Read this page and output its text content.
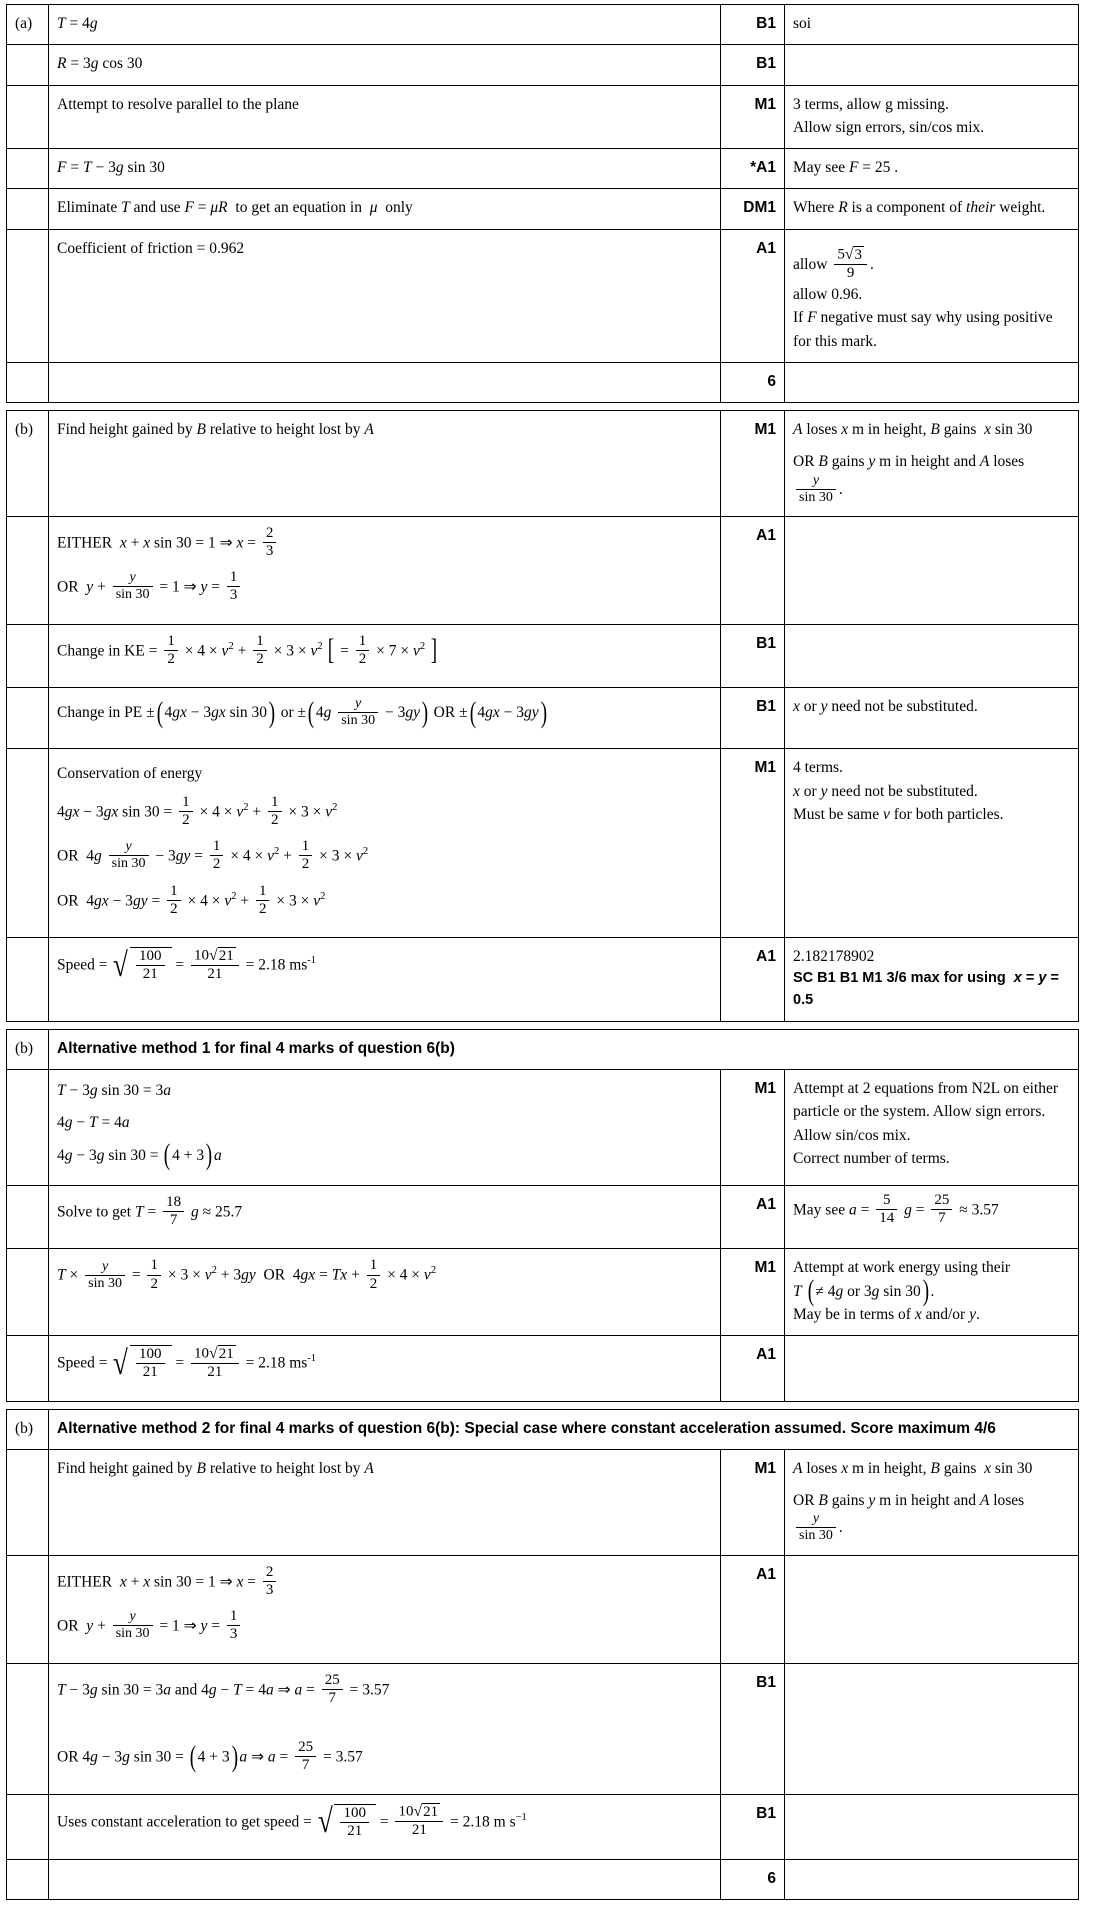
(a)	T = 4g	B1	soi
	R = 3g cos 30	B1	
	Attempt to resolve parallel to the plane	M1	3 terms, allow g missing.
Allow sign errors, sin/cos mix.

	F = T − 3g sin 30	*A1	May see F = 25 .
	Eliminate T and use F = μR  to get an equation in  μ  only	DM1	Where R is a component of their weight.
	Coefficient of friction = 0.962	A1	
allow $\frac{5√3}{9}$ .
allow 0.96.
If F negative must say why using positive for this mark.

		6	

(b)	Find height gained by B relative to height lost by A	M1	A loses x m in height, B gains  x sin 30
OR B gains y m in height and A loses
$\frac{y}{\sin 30}$ .

EITHER  x + x sin 30 = 1 ⇒ $x = \frac{2}{3}$
OR  $y + \frac{y}{\sin 30} = 1$ ⇒ $y = \frac{1}{3}$
	A1	

Change in KE = $\frac{1}{2} \times 4 \times v^2 + \frac{1}{2} \times 3 \times v^2$ [ = $\frac{1}{2} \times 7 \times v^2$ ]	B1	

	Change in PE ±( 4gx − 3gx sin 30) or ±( $4g \frac{y}{\sin 30} - 3gy$) OR ±( 4gx − 3gy)	B1	x or y need not be substituted.

Conservation of energy
4gx − 3gx $\sin 30 = \frac{1}{2} \times 4 \times v^2 + \frac{1}{2} \times 3 \times v^2$
OR  $4g \frac{y}{\sin 30} - 3gy = \frac{1}{2} \times 4 \times v^2 + \frac{1}{2} \times 3 \times v^2$
OR  $4gx - 3gy = \frac{1}{2} \times 4 \times v^2 + \frac{1}{2} \times 3 \times v^2$
	M1	4 terms.
x or y need not be substituted.
Must be same v for both particles.

Speed = √ $\frac{100}{21} = \frac{10√21}{21} = 2.18$ $ms^{-1}$	A1	2.182178902
SC B1 B1 M1 3/6 max for using  x = y = 0.5

(b)	Alternative method 1 for final 4 marks of question 6(b)		

T − 3g sin 30 = 3a
4g − T = 4a
4g − 3g sin 30 = ( 4 + 3) a
	M1	Attempt at 2 equations from N2L on either
particle or the system. Allow sign errors.
Allow sin/cos mix.
Correct number of terms.

Solve to get $T = \frac{18}{7}$ g ≈ 25.7	A1	May see $a = \frac{5}{14}$ $g = \frac{25}{7} \approx 3.57$

$T \times \frac{y}{\sin 30} = \frac{1}{2} \times 3 \times v^2 + 3gy$  OR  $4gx = Tx + \frac{1}{2} \times 4 \times v^2$	M1	Attempt at work energy using their
T ( ≠ 4g or 3g sin 30) .
May be in terms of x and/or y.

Speed = √ $\frac{100}{21} = \frac{10√21}{21} = 2.18$ $ms^{-1}$	A1	

(b)	Alternative method 2 for final 4 marks of question 6(b): Special case where constant acceleration assumed. Score maximum 4/6		
	Find height gained by B relative to height lost by A	M1	A loses x m in height, B gains  x sin 30
OR B gains y m in height and A loses
$\frac{y}{\sin 30}$ .

EITHER  x + x sin 30 = 1 ⇒ $x = \frac{2}{3}$
OR  $y + \frac{y}{\sin 30} = 1$ ⇒ $y = \frac{1}{3}$
	A1	

T − 3g sin 30 = 3a and 4g − T = 4a ⇒ $a = \frac{25}{7} = 3.57$
OR 4g − 3g sin 30 = ( 4 + 3) a ⇒ $a = \frac{25}{7} = 3.57$
	B1	

Uses constant acceleration to get speed = √ $\frac{100}{21} = \frac{10√21}{21} = 2.18$ m $s^{-1}$	B1	
		6	
